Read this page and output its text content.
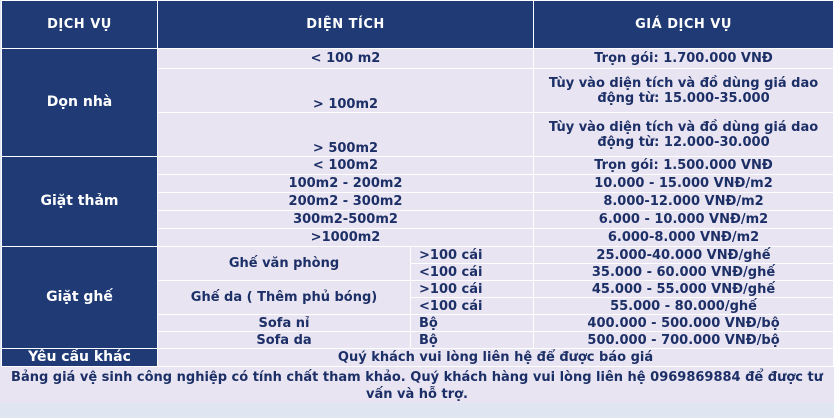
DỊCH VỤ	DIỆN TÍCH		GIÁ DỊCH VỤ
Dọn nhà	< 100 m2		Trọn gói: 1.700.000 VNĐ
	> 100m2		Tùy vào diện tích và đồ dùng giá dao động từ: 15.000-35.000
	> 500m2		Tùy vào diện tích và đồ dùng giá dao động từ: 12.000-30.000
Giặt thảm	< 100m2		Trọn gói: 1.500.000 VNĐ
	100m2 - 200m2		10.000 - 15.000 VNĐ/m2
	200m2 - 300m2		8.000-12.000 VNĐ/m2
	300m2-500m2		6.000 - 10.000 VNĐ/m2
	>1000m2		6.000-8.000 VNĐ/m2
Giặt ghế	Ghế văn phòng	>100 cái	25.000-40.000 VNĐ/ghế
		<100 cái	35.000 - 60.000 VNĐ/ghế
	Ghế da ( Thêm phủ bóng)	>100 cái	45.000 - 55.000 VNĐ/ghế
		<100 cái	55.000 - 80.000/ghế
	Sofa nỉ	Bộ	400.000 - 500.000 VNĐ/bộ
	Sofa da	Bộ	500.000 - 700.000 VNĐ/bộ
Yêu cầu khác	Quý khách vui lòng liên hệ để được báo giá		
Bảng giá vệ sinh công nghiệp có tính chất tham khảo. Quý khách hàng vui lòng liên hệ 0969869884 để được tư vấn và hỗ trợ.
